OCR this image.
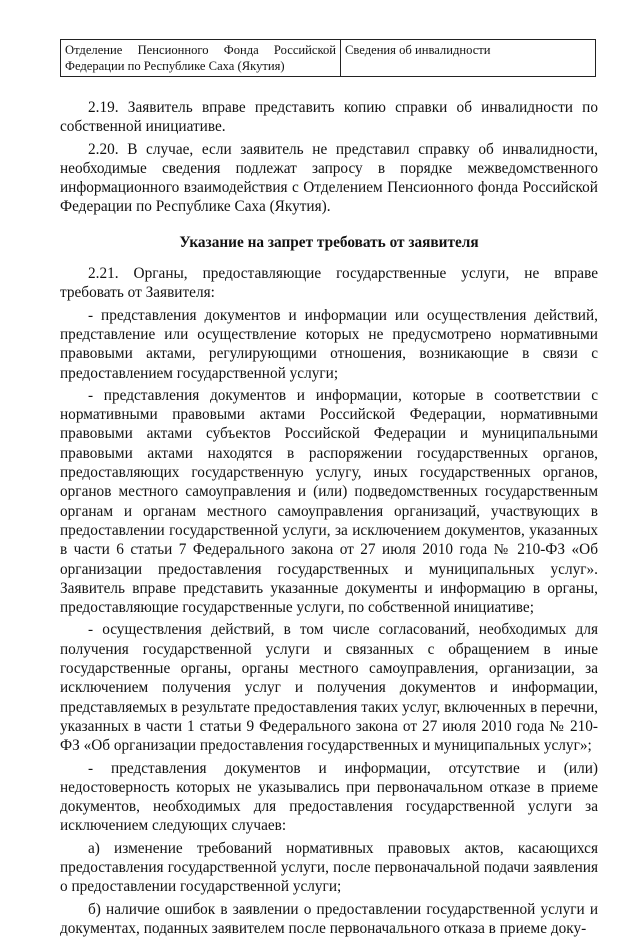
Отделение Пенсионного Фонда Российской Федерации по Республике Саха (Якутия)	Сведения об инвалидности

2.19. Заявитель вправе представить копию справки об инвалидности по собственной инициативе.

2.20. В случае, если заявитель не представил справку об инвалидности, необходимые сведения подлежат запросу в порядке межведомственного информационного взаимодействия с Отделением Пенсионного фонда Российской Федерации по Республике Саха (Якутия).

Указание на запрет требовать от заявителя

2.21. Органы, предоставляющие государственные услуги, не вправе требовать от Заявителя:

- представления документов и информации или осуществления действий, представление или осуществление которых не предусмотрено нормативными правовыми актами, регулирующими отношения, возникающие в связи с предоставлением государственной услуги;

- представления документов и информации, которые в соответствии с нормативными правовыми актами Российской Федерации, нормативными правовыми актами субъектов Российской Федерации и муниципальными правовыми актами находятся в распоряжении государственных органов, предоставляющих государственную услугу, иных государственных органов, органов местного самоуправления и (или) подведомственных государственным органам и органам местного самоуправления организаций, участвующих в предоставлении государственной услуги, за исключением документов, указанных в части 6 статьи 7 Федерального закона от 27 июля 2010 года № 210-ФЗ «Об организации предоставления государственных и муниципальных услуг». Заявитель вправе представить указанные документы и информацию в органы, предоставляющие государственные услуги, по собственной инициативе;

- осуществления действий, в том числе согласований, необходимых для получения государственной услуги и связанных с обращением в иные государственные органы, органы местного самоуправления, организации, за исключением получения услуг и получения документов и информации, представляемых в результате предоставления таких услуг, включенных в перечни, указанных в части 1 статьи 9 Федерального закона от 27 июля 2010 года № 210-ФЗ «Об организации предоставления государственных и муниципальных услуг»;

- представления документов и информации, отсутствие и (или) недостоверность которых не указывались при первоначальном отказе в приеме документов, необходимых для предоставления государственной услуги за исключением следующих случаев:

а) изменение требований нормативных правовых актов, касающихся предоставления государственной услуги, после первоначальной подачи заявления о предоставлении государственной услуги;

б) наличие ошибок в заявлении о предоставлении государственной услуги и документах, поданных заявителем после первоначального отказа в приеме доку-
